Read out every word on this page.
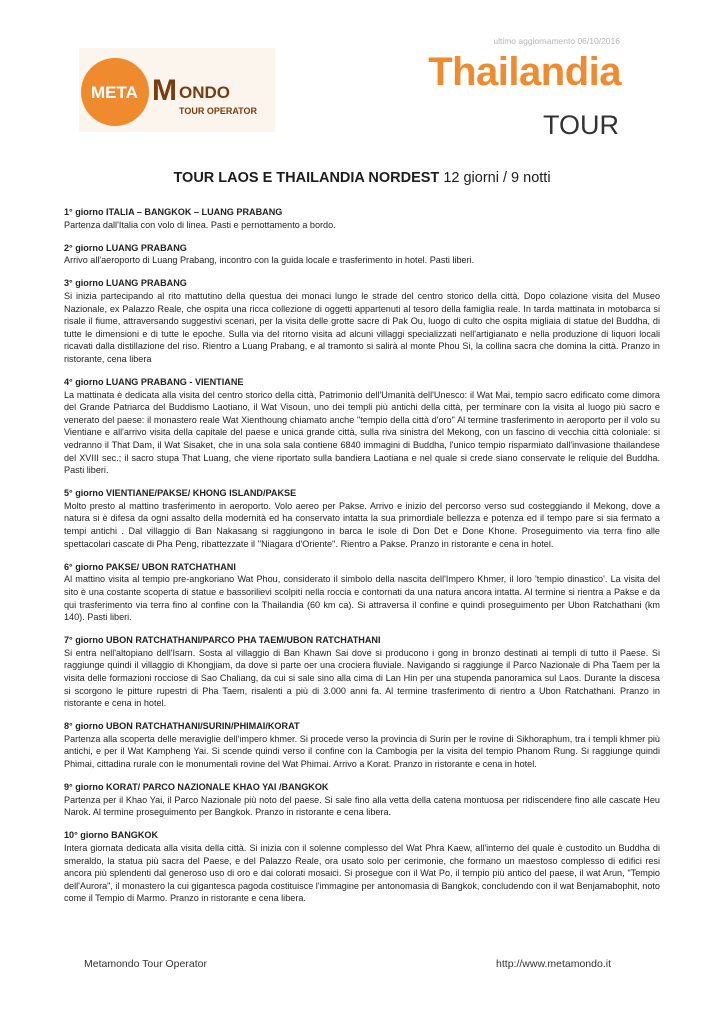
ultimo aggiornamento 06/10/2016
META M ONDO
TOUR OPERATOR
Thailandia
TOUR
TOUR LAOS E THAILANDIA NORDEST 12 giorni / 9 notti
1° giorno ITALIA – BANGKOK – LUANG PRABANG

Partenza dall'Italia con volo di linea. Pasti e pernottamento a bordo.

2° giorno LUANG PRABANG

Arrivo all'aeroporto di Luang Prabang, incontro con la guida locale e trasferimento in hotel. Pasti liberi.

3° giorno LUANG PRABANG

Si inizia partecipando al rito mattutino della questua dei monaci lungo le strade del centro storico della città. Dopo colazione visita del Museo Nazionale, ex Palazzo Reale, che ospita una ricca collezione di oggetti appartenuti al tesoro della famiglia reale. In tarda mattinata in motobarca si risale il fiume, attraversando suggestivi scenari, per la visita delle grotte sacre di Pak Ou, luogo di culto che ospita migliaia di statue del Buddha, di tutte le dimensioni e di tutte le epoche. Sulla via del ritorno visita ad alcuni villaggi specializzati nell'artigianato e nella produzione di liquori locali ricavati dalla distillazione del riso. Rientro a Luang Prabang, e al tramonto si salirà al monte Phou Si, la collina sacra che domina la città. Pranzo in ristorante, cena libera

4° giorno LUANG PRABANG - VIENTIANE

La mattinata è dedicata alla visita del centro storico della città, Patrimonio dell'Umanità dell'Unesco: il Wat Mai, tempio sacro edificato come dimora del Grande Patriarca del Buddismo Laotiano, il Wat Visoun, uno dei templi più antichi della città, per terminare con la visita al luogo più sacro e venerato del paese: il monastero reale Wat Xienthoung chiamato anche "tempio della città d'oro" Al termine trasferimento in aeroporto per il volo su Vientiane e all'arrivo visita della capitale del paese e unica grande città, sulla riva sinistra del Mekong, con un fascino di vecchia città coloniale: si vedranno il That Dam, il Wat Sisaket, che in una sola sala contiene 6840 immagini di Buddha, l'unico tempio risparmiato dall'invasione thailandese del XVIII sec.; il sacro stupa That Luang, che viene riportato sulla bandiera Laotiana e nel quale si crede siano conservate le reliquie del Buddha. Pasti liberi.

5° giorno VIENTIANE/PAKSE/ KHONG ISLAND/PAKSE

Molto presto al mattino trasferimento in aeroporto. Volo aereo per Pakse. Arrivo e inizio del percorso verso sud costeggiando il Mekong, dove a natura si è difesa da ogni assalto della modernità ed ha conservato intatta la sua primordiale bellezza e potenza ed il tempo pare si sia fermato a tempi antichi . Dal villaggio di Ban Nakasang si raggiungono in barca le isole di Don Det e Done Khone. Proseguimento via terra fino alle spettacolari cascate di Pha Peng, ribattezzate il ''Niagara d'Oriente''. Rientro a Pakse. Pranzo in ristorante e cena in hotel.

6° giorno PAKSE/ UBON RATCHATHANI

Al mattino visita al tempio pre-angkoriano Wat Phou, considerato il simbolo della nascita dell'Impero Khmer, il loro 'tempio dinastico'. La visita del sito è una costante scoperta di statue e bassorilievi scolpiti nella roccia e contornati da una natura ancora intatta. Al termine si rientra a Pakse e da qui trasferimento via terra fino al confine con la Thailandia (60 km ca). Si attraversa il confine e quindi proseguimento per Ubon Ratchathani (km 140). Pasti liberi.

7° giorno UBON RATCHATHANI/PARCO PHA TAEM/UBON RATCHATHANI

Si entra nell'altopiano dell'Isarn. Sosta al villaggio di Ban Khawn Sai dove si producono i gong in bronzo destinati ai templi di tutto il Paese. Si raggiunge quindi il villaggio di Khongjiam, da dove si parte oer una crociera fluviale. Navigando si raggiunge il Parco Nazionale di Pha Taem per la visita delle formazioni rocciose di Sao Chaliang, da cui si sale sino alla cima di Lan Hin per una stupenda panoramica sul Laos. Durante la discesa si scorgono le pitture rupestri di Pha Taem, risalenti a più di 3.000 anni fa. Al termine trasferimento di rientro a Ubon Ratchathani. Pranzo in ristorante e cena in hotel.

8° giorno UBON RATCHATHANI/SURIN/PHIMAI/KORAT

Partenza alla scoperta delle meraviglie dell'impero khmer. Si procede verso la provincia di Surin per le rovine di Sikhoraphum, tra i templi khmer più antichi, e per il Wat Kampheng Yai. Si scende quindi verso il confine con la Cambogia per la visita del tempio Phanom Rung. Si raggiunge quindi Phimai, cittadina rurale con le monumentali rovine del Wat Phimai. Arrivo a Korat. Pranzo in ristorante e cena in hotel.

9° giorno KORAT/ PARCO NAZIONALE KHAO YAI /BANGKOK

Partenza per il Khao Yai, il Parco Nazionale più noto del paese. Si sale fino alla vetta della catena montuosa per ridiscendere fino alle cascate Heu Narok. Al termine proseguimento per Bangkok. Pranzo in ristorante e cena libera.

10° giorno BANGKOK

Intera giornata dedicata alla visita della città. Si inizia con il solenne complesso del Wat Phra Kaew, all'interno del quale è custodito un Buddha di smeraldo, la statua più sacra del Paese, e del Palazzo Reale, ora usato solo per cerimonie, che formano un maestoso complesso di edifici resi ancora più splendenti dal generoso uso di oro e dai colorati mosaici. Si prosegue con il Wat Po, il tempio più antico del paese, il wat Arun, "Tempio dell'Aurora", il monastero la cui gigantesca pagoda costituisce l'immagine per antonomasia di Bangkok, concludendo con il wat Benjamabophit, noto come il Tempio di Marmo. Pranzo in ristorante e cena libera.

Metamondo Tour Operator	http://www.metamondo.it
